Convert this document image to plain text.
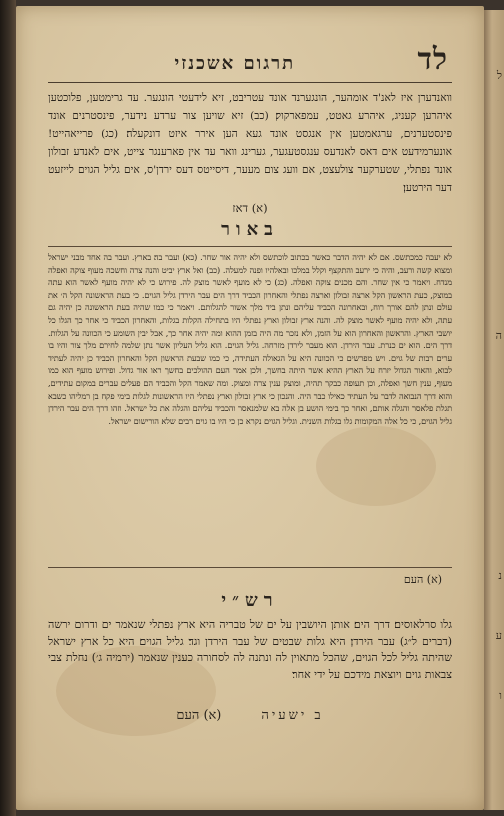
לד
תרגום אשכנזי
וואנדערן איז לאנ'ד אומהער, הונגערנד אונד עטריבט, זיא לידעטי הונגער. עד גרימטען, פלוכטען איהרען קעניג, איהרע גאטט, עמפארקוק׃ (כב) זיא שויען צור ערדע נידער, פינסטרנים אונד פינסטערנים, ערגאמטען אין אנגסט אונד געא הען אירר איזט דונקעלה׃ (כג) פרייאהייט! אונערמידעט אים דאס לאנדעס ענגסטעגער, גערינג וואר עד אין פארענגר צייט, אים לאנדע זבולון אונד נפתלי, שטערקער צולעצט, אם וועג צום מעער, דיסייטס דעס ירדן'ס, אים גליל הגוים לייזעט דער הירטען׃
(א) דאז
באור
לא יעבה כמכתשס. אם לא יהיה הדבר כאשר בכתוב לוכתשס ולא יהיה אור שחר. (כא) ועבר בה׃ בארץ. ועבר בה אחד מבני ישראל ומצוא קשה ורעב, והיה כי ירעב והתקצף וקלל במלכו ובאלהיו ופנה למעלה. (כב) ואל ארץ יביט והנה צרה וחשכה מעוף צוקה ואפלה מנדח. ויאמר כי אין שחר. והם מכנים צוקה ואפלה. (כג) כי לא מועף לאשר מוצק לה. פירוש כי לא יהיה מועף לאשר הוא עתה במוצק, כעת הראשון הקל ארצה זבולון וארצה נפתלי והאחרון הכביד דרך הים עבר הירדן גליל הגוים. כי בעת הראשונה הקל ה׳ את עולם ונתן להם אורך רוח, ובאחרונה הכביד עליהם ונתן ביד מלך אשור להגלותם. ויאמר כי כמו שהיה בעת הראשונה כן יהיה גם עתה, ולא יהיה מועף לאשר מוצק לה. והנה ארץ זבולון וארץ נפתלי היו בתחילה הקלות בגלות, והאחרון הכביד כי אחר כך הגלו כל יושבי הארץ. והראשון והאחרון הוא על הזמן, ולא נזכר מה היה בזמן ההוא ומה יהיה אחר כך, אבל יבין השומע כי הכוונה על הגלות. דרך הים. הוא ים כנרת. עבר הירדן. הוא מעבר לירדן מזרחה. גליל הגוים. הוא גליל העליון אשר נתן שלמה לחירם מלך צור והיו בו ערים רבות של גוים. ויש מפרשים כי הכוונה היא על הגאולה העתידה, כי כמו שבעת הראשון הקל והאחרון הכביד כן יהיה לעתיד לבוא, והאור הגדול יזרח על הארץ ההיא אשר היתה בחשך, ולכן אמר העם ההולכים בחשך ראו אור גדול. ופירוש מועף הוא כמו מעוף, ענין חשך ואפלה, וכן תעופה כבקר תהיה, ומוצק ענין צרה ומצוק. ומה שאמר הקל והכביד הם פעלים עברים במקום עתידים, והוא דרך הנבואה לדבר על העתיד כאילו כבר היה. והנכון כי ארץ זבולון וארץ נפתלי היו הראשונות לגלות בימי פקח בן רמליהו כשבא תגלת פלאסר והגלה אותם, ואחר כך בימי הושע בן אלה בא שלמנאסר והכביד עליהם והגלה את כל ישראל. וזהו דרך הים עבר הירדן גליל הגוים, כי כל אלה המקומות גלו בגלות השנית. וגליל הגוים נקרא כן כי היו בו גוים רבים שלא הורישום ישראל.
(א) העם
רש״י
גלו סרלאוסים׃ דרך הים׃ אותן היושבין על ים של טבריה היא ארץ נפתלי שנאמר ים ודרום ירשה (דברים ל״ג) עבר הירדן׃ היא גלות שבטים של עבר הירדן וגד׃ גליל הגוים׃ היא כל ארץ ישראל שהיתה גליל לכל הגוים, שהכל מתאוין לה ונתנה לה לסחורה כענין שנאמר (ירמיה ג׳) נחלת צבי צבאות גוים ויוצאת מידכם על ידי אחר׃
ב ישעיה
(א) העם
ל
ה
נ
ע
ו
